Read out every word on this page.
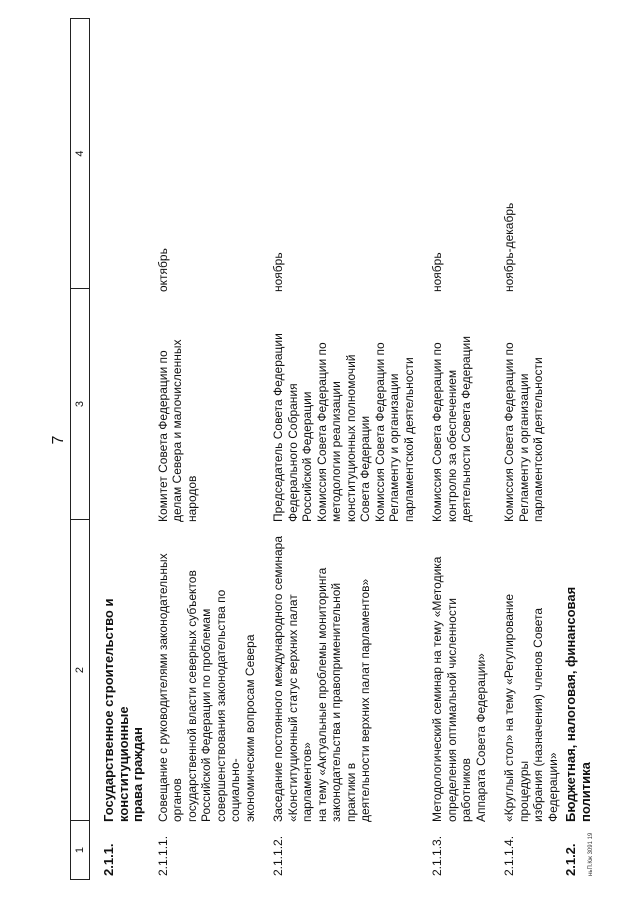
7
1
2
3
4
2.1.1.
Государственное строительство и конституционные
права граждан
2.1.1.1.
Совещание с руководителями законодательных органов
государственной власти северных субъектов
Российской Федерации по проблемам
совершенствования законодательства по социально-
экономическим вопросам Севера
Комитет Совета Федерации по
делам Севера и малочисленных
народов
октябрь
2.1.1.2.
Заседание постоянного международного семинара
«Конституционный статус верхних палат парламентов»
на тему «Актуальные проблемы мониторинга
законодательства и правоприменительной практики в
деятельности верхних палат парламентов»
Председатель Совета Федерации
Федерального Собрания
Российской Федерации
Комиссия Совета Федерации по
методологии реализации
конституционных полномочий
Совета Федерации
Комиссия Совета Федерации по
Регламенту и организации
парламентской деятельности
ноябрь
2.1.1.3.
Методологический семинар на тему «Методика
определения оптимальной численности работников
Аппарата Совета Федерации»
Комиссия Совета Федерации по
контролю за обеспечением
деятельности Совета Федерации
ноябрь
2.1.1.4.
«Круглый стол» на тему «Регулирование процедуры
избрания (назначения) членов Совета Федерации»
Комиссия Совета Федерации по
Регламенту и организации
парламентской деятельности
ноябрь-декабрь
2.1.2.
Бюджетная, налоговая, финансовая политика
ньП.Кж 3091 19
